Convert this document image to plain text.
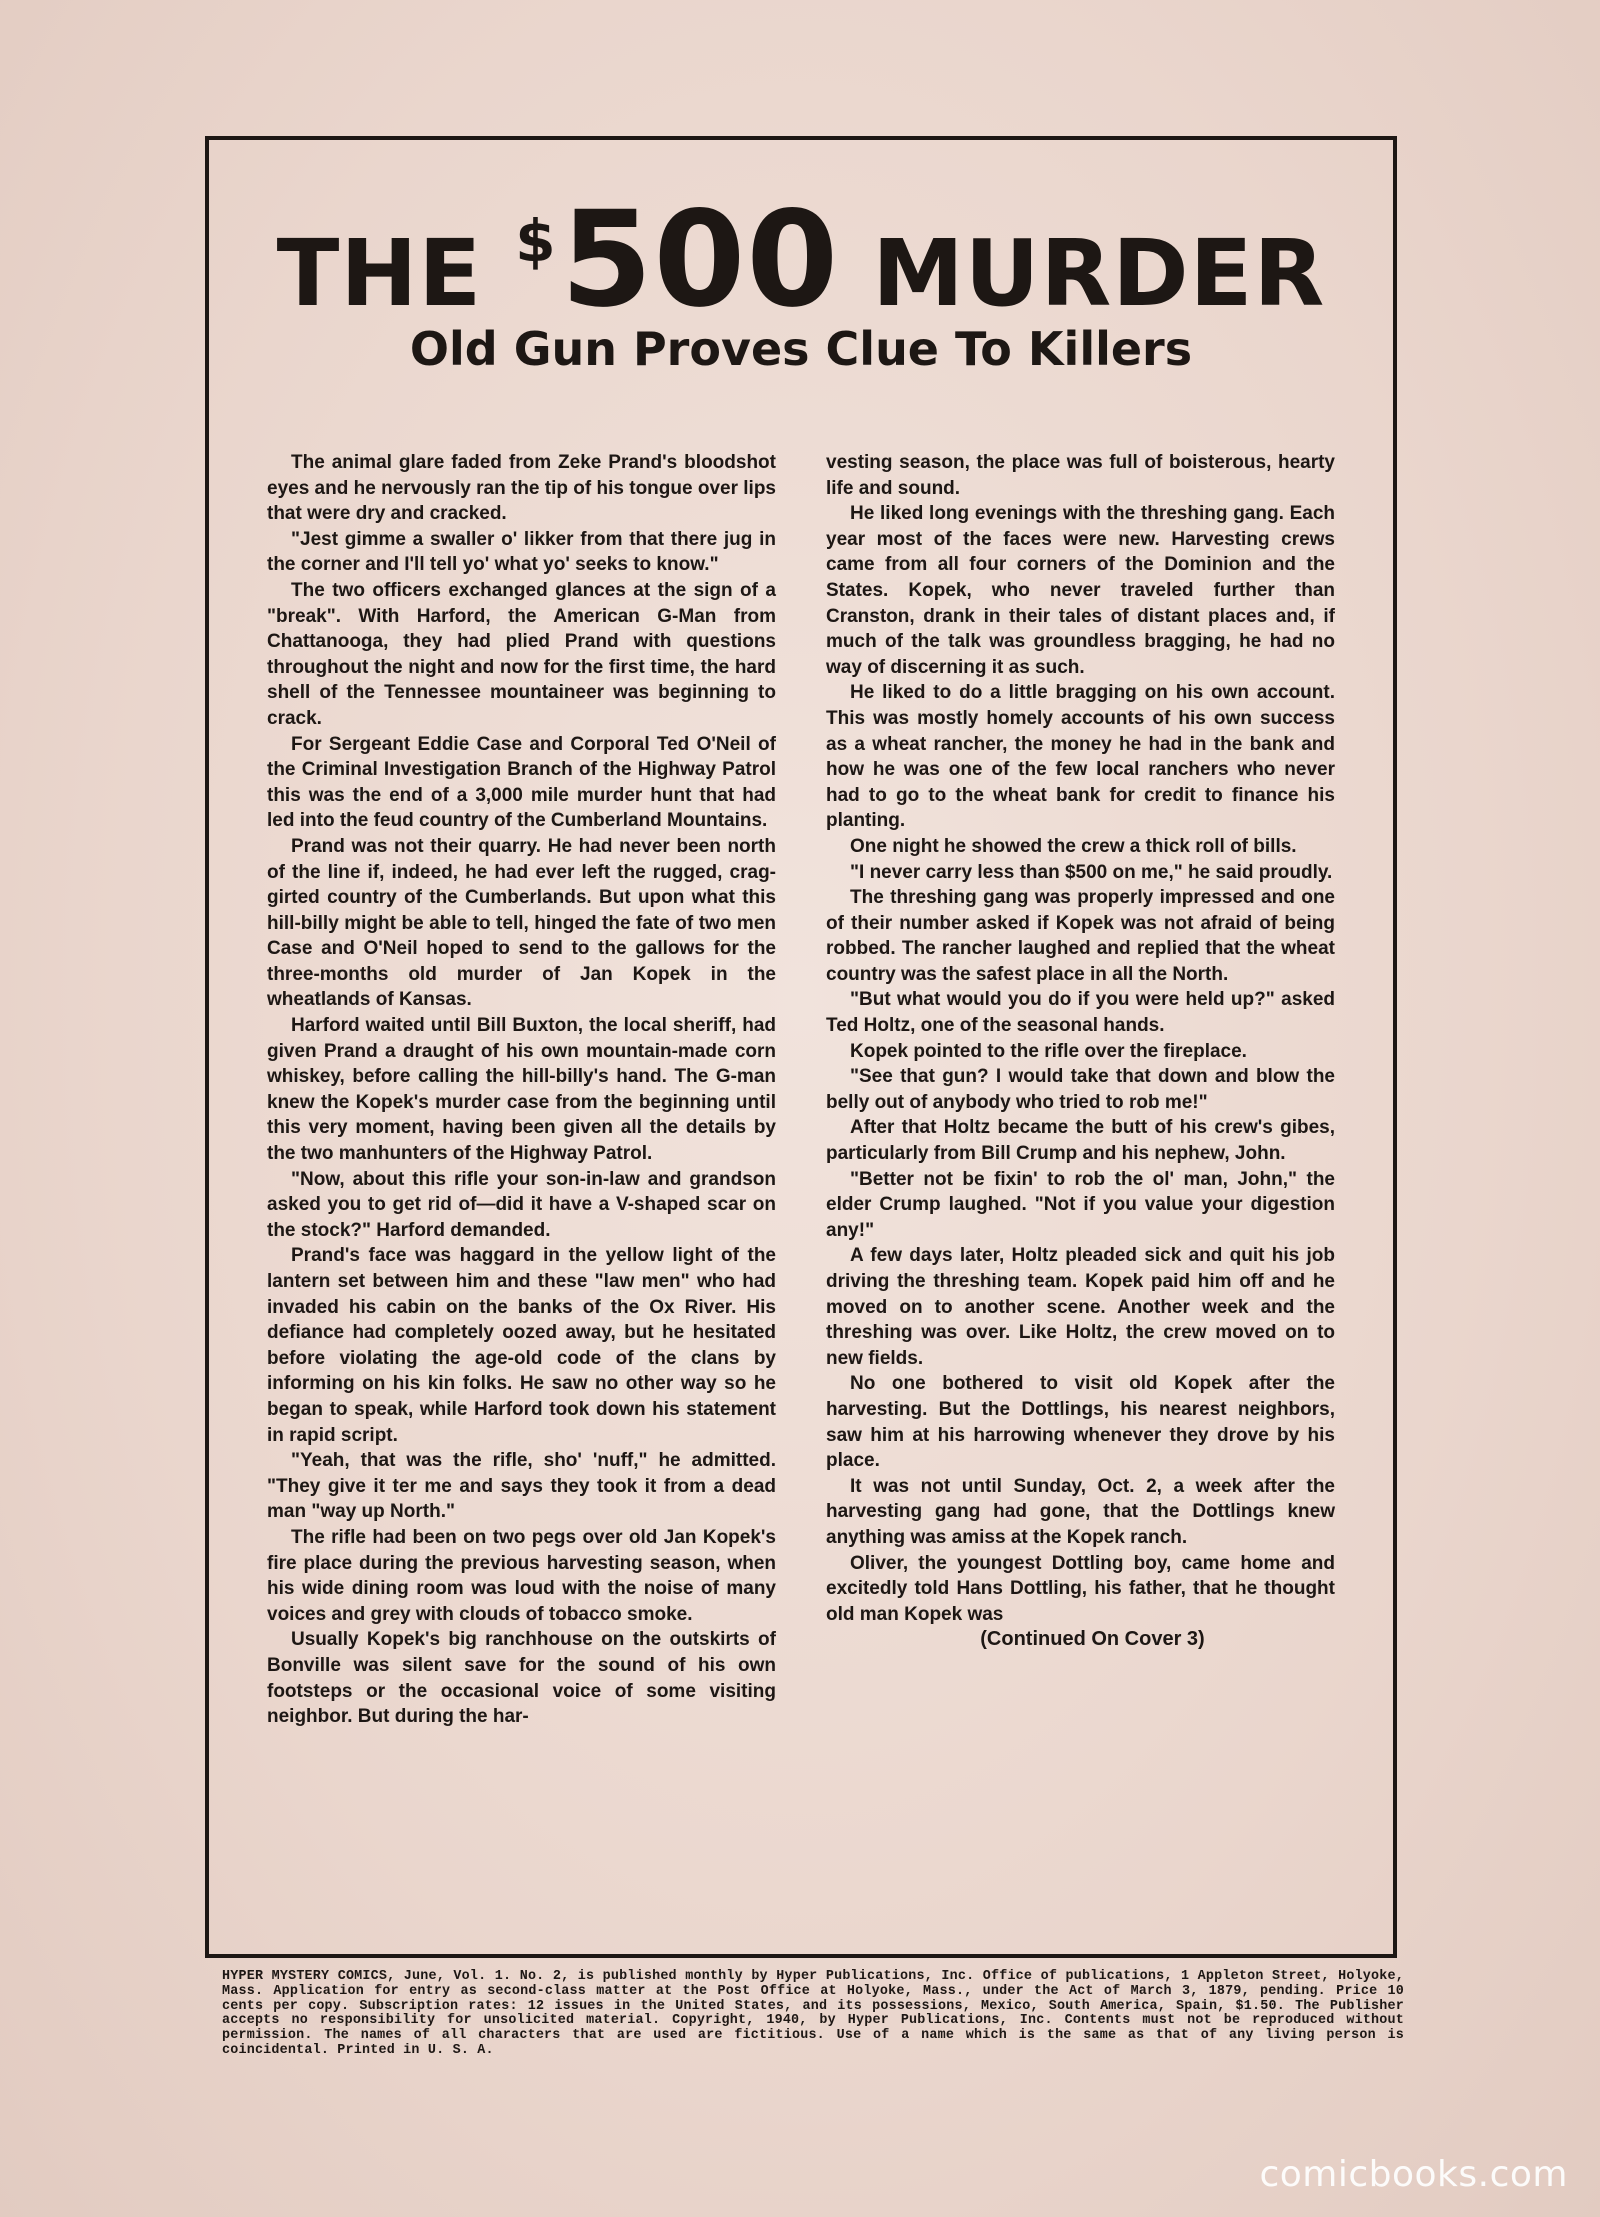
THE $500 MURDER
Old Gun Proves Clue To Killers

The animal glare faded from Zeke Prand's bloodshot eyes and he nervously ran the tip of his tongue over lips that were dry and cracked.

"Jest gimme a swaller o' likker from that there jug in the corner and I'll tell yo' what yo' seeks to know."

The two officers exchanged glances at the sign of a "break". With Harford, the American G-Man from Chattanooga, they had plied Prand with questions throughout the night and now for the first time, the hard shell of the Tennessee mountaineer was beginning to crack.

For Sergeant Eddie Case and Corporal Ted O'Neil of the Criminal Investigation Branch of the Highway Patrol this was the end of a 3,000 mile murder hunt that had led into the feud country of the Cumberland Mountains.

Prand was not their quarry. He had never been north of the line if, indeed, he had ever left the rugged, crag-girted country of the Cumberlands. But upon what this hill-billy might be able to tell, hinged the fate of two men Case and O'Neil hoped to send to the gallows for the three-months old murder of Jan Kopek in the wheatlands of Kansas.

Harford waited until Bill Buxton, the local sheriff, had given Prand a draught of his own mountain-made corn whiskey, before calling the hill-billy's hand. The G-man knew the Kopek's murder case from the beginning until this very moment, having been given all the details by the two manhunters of the Highway Patrol.

"Now, about this rifle your son-in-law and grandson asked you to get rid of—did it have a V-shaped scar on the stock?" Harford demanded.

Prand's face was haggard in the yellow light of the lantern set between him and these "law men" who had invaded his cabin on the banks of the Ox River. His defiance had completely oozed away, but he hesitated before violating the age-old code of the clans by informing on his kin folks. He saw no other way so he began to speak, while Harford took down his statement in rapid script.

"Yeah, that was the rifle, sho' 'nuff," he admitted. "They give it ter me and says they took it from a dead man "way up North."

The rifle had been on two pegs over old Jan Kopek's fire place during the previous harvesting season, when his wide dining room was loud with the noise of many voices and grey with clouds of tobacco smoke.

Usually Kopek's big ranchhouse on the outskirts of Bonville was silent save for the sound of his own footsteps or the occasional voice of some visiting neighbor. But during the har-

vesting season, the place was full of boisterous, hearty life and sound.

He liked long evenings with the threshing gang. Each year most of the faces were new. Harvesting crews came from all four corners of the Dominion and the States. Kopek, who never traveled further than Cranston, drank in their tales of distant places and, if much of the talk was groundless bragging, he had no way of discerning it as such.

He liked to do a little bragging on his own account. This was mostly homely accounts of his own success as a wheat rancher, the money he had in the bank and how he was one of the few local ranchers who never had to go to the wheat bank for credit to finance his planting.

One night he showed the crew a thick roll of bills.

"I never carry less than $500 on me," he said proudly.

The threshing gang was properly impressed and one of their number asked if Kopek was not afraid of being robbed. The rancher laughed and replied that the wheat country was the safest place in all the North.

"But what would you do if you were held up?" asked Ted Holtz, one of the seasonal hands.

Kopek pointed to the rifle over the fireplace.

"See that gun? I would take that down and blow the belly out of anybody who tried to rob me!"

After that Holtz became the butt of his crew's gibes, particularly from Bill Crump and his nephew, John.

"Better not be fixin' to rob the ol' man, John," the elder Crump laughed. "Not if you value your digestion any!"

A few days later, Holtz pleaded sick and quit his job driving the threshing team. Kopek paid him off and he moved on to another scene. Another week and the threshing was over. Like Holtz, the crew moved on to new fields.

No one bothered to visit old Kopek after the harvesting. But the Dottlings, his nearest neighbors, saw him at his harrowing whenever they drove by his place.

It was not until Sunday, Oct. 2, a week after the harvesting gang had gone, that the Dottlings knew anything was amiss at the Kopek ranch.

Oliver, the youngest Dottling boy, came home and excitedly told Hans Dottling, his father, that he thought old man Kopek was

(Continued On Cover 3)

HYPER MYSTERY COMICS, June, Vol. 1. No. 2, is published monthly by Hyper Publications, Inc. Office of publications, 1 Appleton Street, Holyoke, Mass. Application for entry as second-class matter at the Post Office at Holyoke, Mass., under the Act of March 3, 1879, pending. Price 10 cents per copy. Subscription rates: 12 issues in the United States, and its possessions, Mexico, South America, Spain, $1.50. The Publisher accepts no responsibility for unsolicited material. Copyright, 1940, by Hyper Publications, Inc. Contents must not be reproduced without permission. The names of all characters that are used are fictitious. Use of a name which is the same as that of any living person is coincidental. Printed in U. S. A.
comicbooks.com
